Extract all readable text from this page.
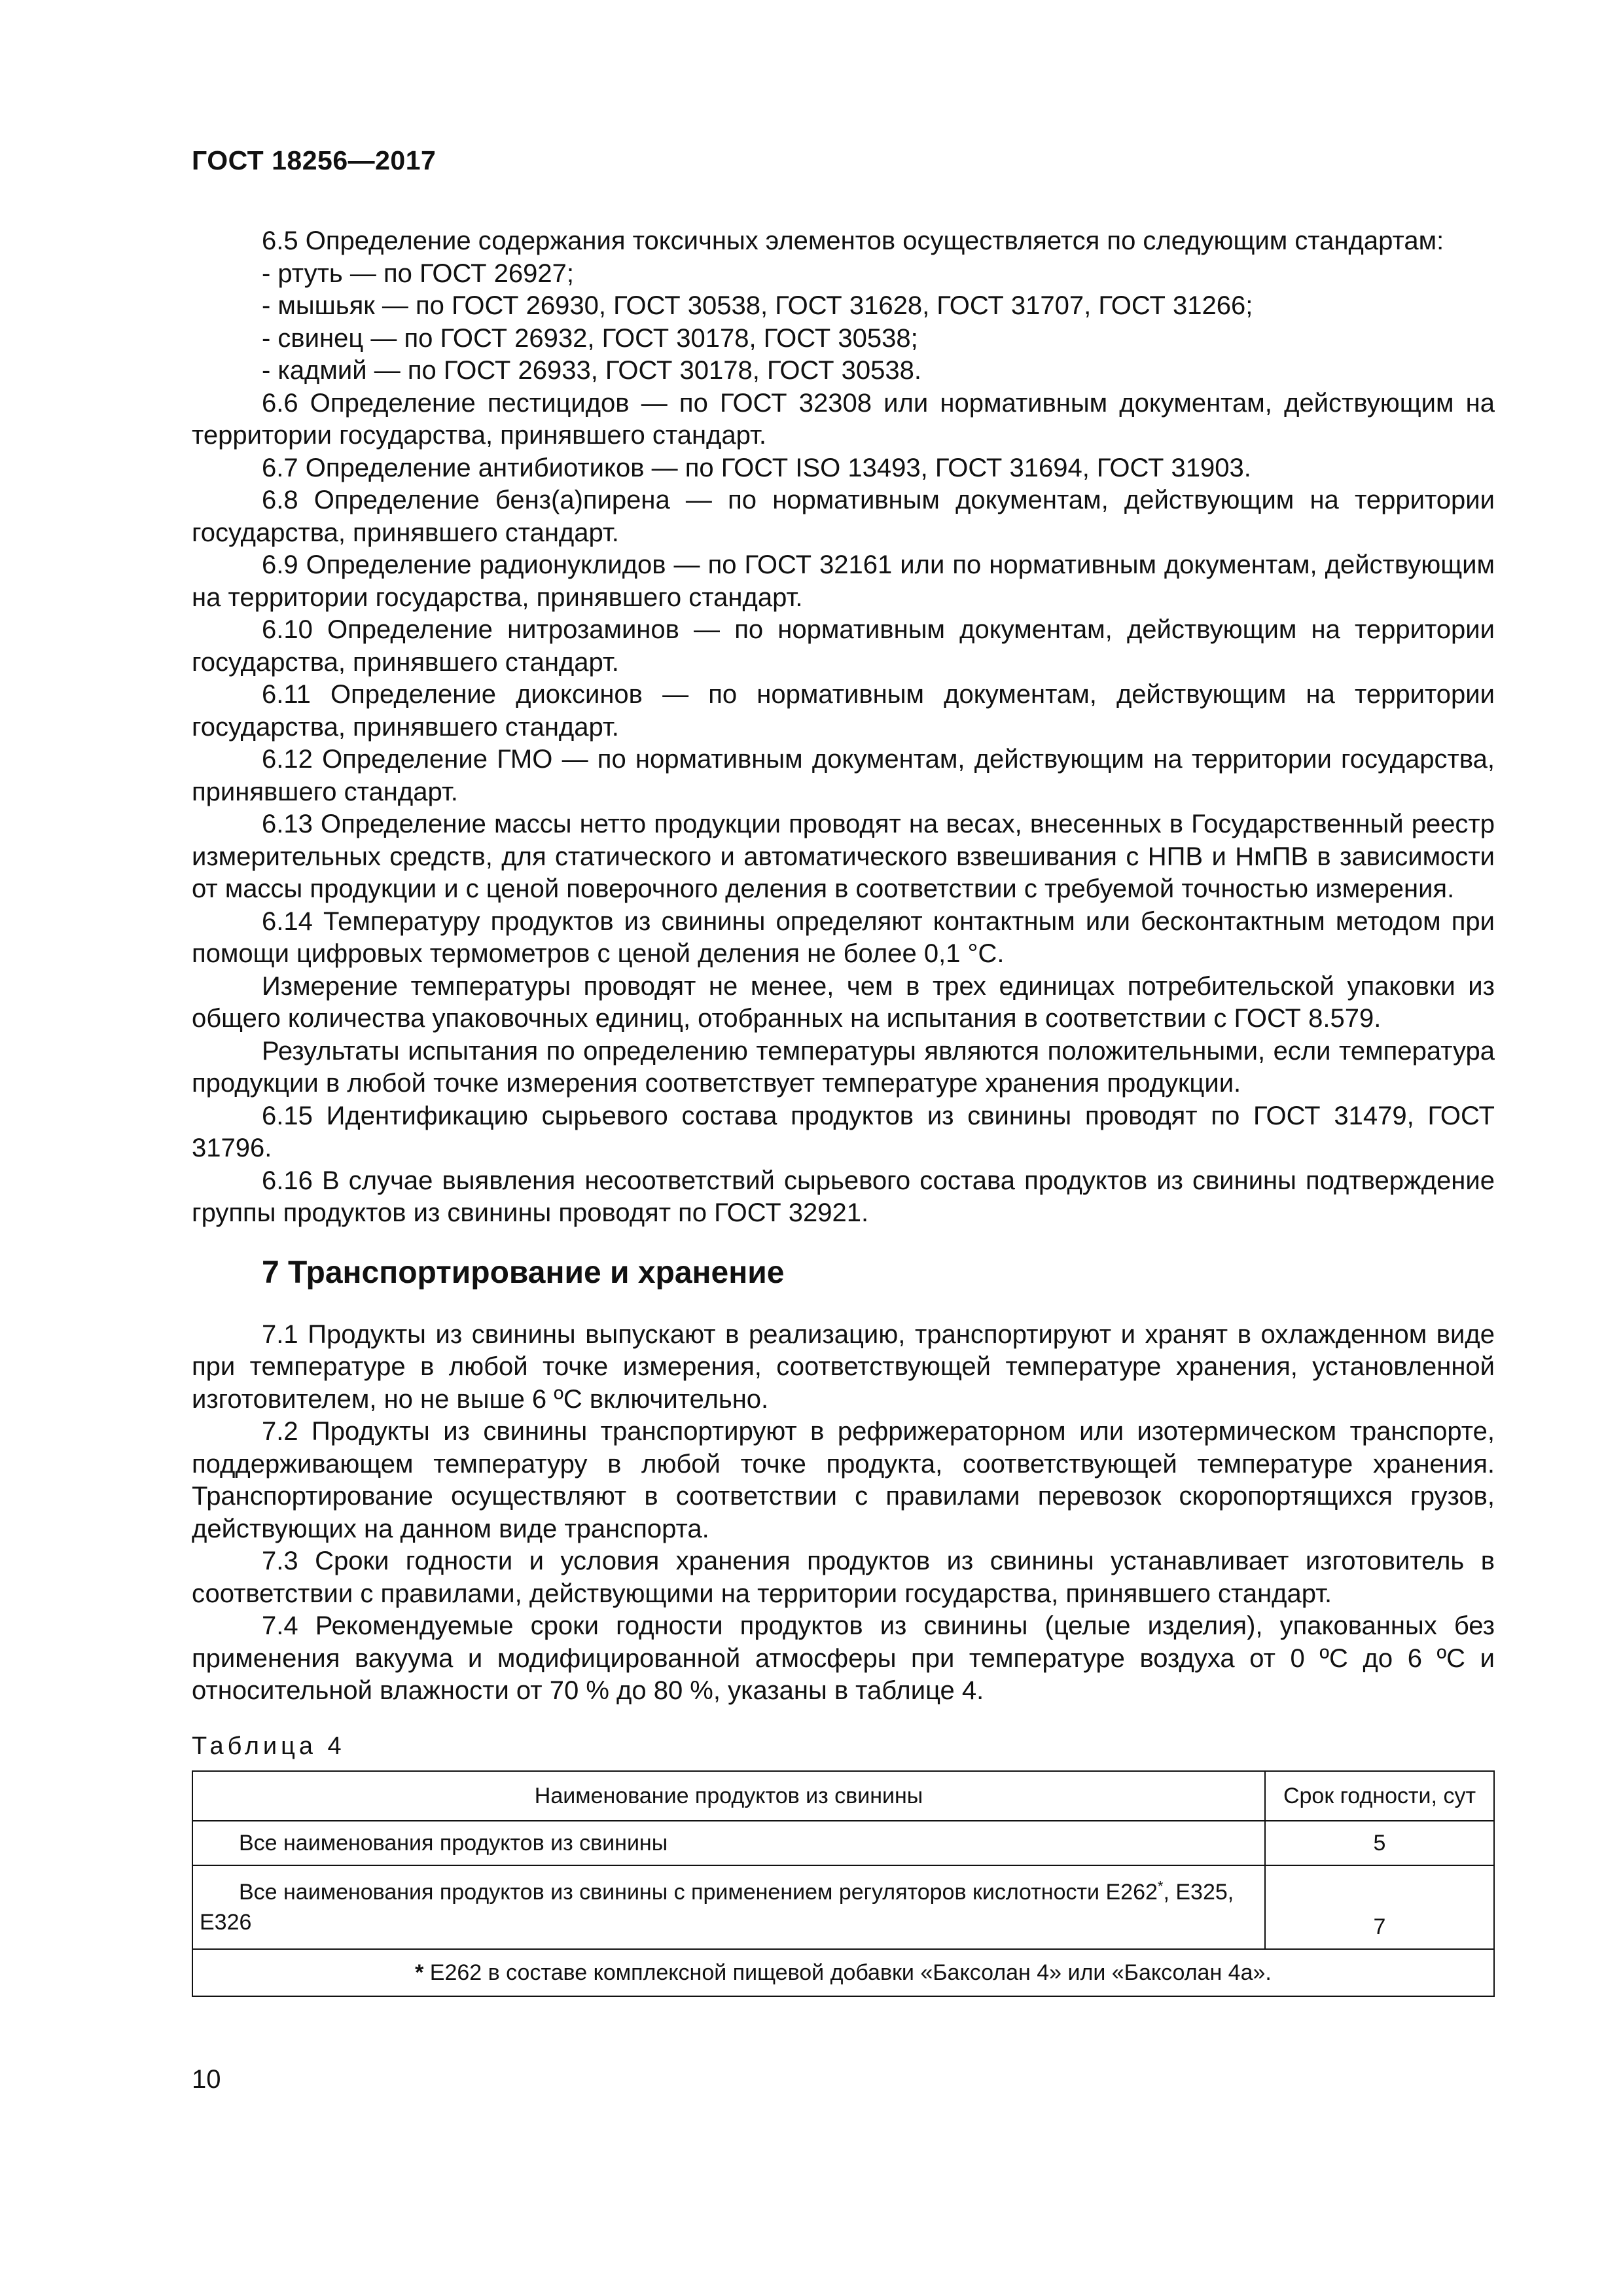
ГОСТ 18256—2017

6.5 Определение содержания токсичных элементов осуществляется по следующим стандартам:

- ртуть — по ГОСТ 26927;

- мышьяк — по ГОСТ 26930, ГОСТ 30538, ГОСТ 31628, ГОСТ 31707, ГОСТ 31266;

- свинец — по ГОСТ 26932, ГОСТ 30178, ГОСТ 30538;

- кадмий — по ГОСТ 26933, ГОСТ 30178, ГОСТ 30538.

6.6 Определение пестицидов — по ГОСТ 32308 или нормативным документам, действующим на территории государства, принявшего стандарт.

6.7 Определение антибиотиков — по ГОСТ ISO 13493, ГОСТ 31694, ГОСТ 31903.

6.8 Определение бенз(а)пирена — по нормативным документам, действующим на территории государства, принявшего стандарт.

6.9 Определение радионуклидов — по ГОСТ 32161 или по нормативным документам, действующим на территории государства, принявшего стандарт.

6.10 Определение нитрозаминов — по нормативным документам, действующим на территории государства, принявшего стандарт.

6.11 Определение диоксинов — по нормативным документам, действующим на территории государства, принявшего стандарт.

6.12 Определение ГМО — по нормативным документам, действующим на территории государства, принявшего стандарт.

6.13 Определение массы нетто продукции проводят на весах, внесенных в Государственный реестр измерительных средств, для статического и автоматического взвешивания с НПВ и НмПВ в зависимости от массы продукции и с ценой поверочного деления в соответствии с требуемой точностью измерения.

6.14 Температуру продуктов из свинины определяют контактным или бесконтактным методом при помощи цифровых термометров с ценой деления не более 0,1 °С.

Измерение температуры проводят не менее, чем в трех единицах потребительской упаковки из общего количества упаковочных единиц, отобранных на испытания в соответствии с ГОСТ 8.579.

Результаты испытания по определению температуры являются положительными, если температура продукции в любой точке измерения соответствует температуре хранения продукции.

6.15 Идентификацию сырьевого состава продуктов из свинины проводят по ГОСТ 31479, ГОСТ 31796.

6.16 В случае выявления несоответствий сырьевого состава продуктов из свинины подтверждение группы продуктов из свинины проводят по ГОСТ 32921.

7 Транспортирование и хранение

7.1 Продукты из свинины выпускают в реализацию, транспортируют и хранят в охлажденном виде при температуре в любой точке измерения, соответствующей температуре хранения, установленной изготовителем, но не выше 6 ºС включительно.

7.2 Продукты из свинины транспортируют в рефрижераторном или изотермическом транспорте, поддерживающем температуру в любой точке продукта, соответствующей температуре хранения. Транспортирование осуществляют в соответствии с правилами перевозок скоропортящихся грузов, действующих на данном виде транспорта.

7.3 Сроки годности и условия хранения продуктов из свинины устанавливает изготовитель в соответствии с правилами, действующими на территории государства, принявшего стандарт.

7.4 Рекомендуемые сроки годности продуктов из свинины (целые изделия), упакованных без применения вакуума и модифицированной атмосферы при температуре воздуха от 0 ºС до 6 ºС и относительной влажности от 70 % до 80 %, указаны в таблице 4.

Таблица 4
Наименование продуктов из свинины	Срок годности, сут
Все наименования продуктов из свинины	5
Все наименования продуктов из свинины с применением регуляторов кислотности Е262*, Е325, Е326	7
* Е262 в составе комплексной пищевой добавки «Баксолан 4» или «Баксолан 4а».	
10
